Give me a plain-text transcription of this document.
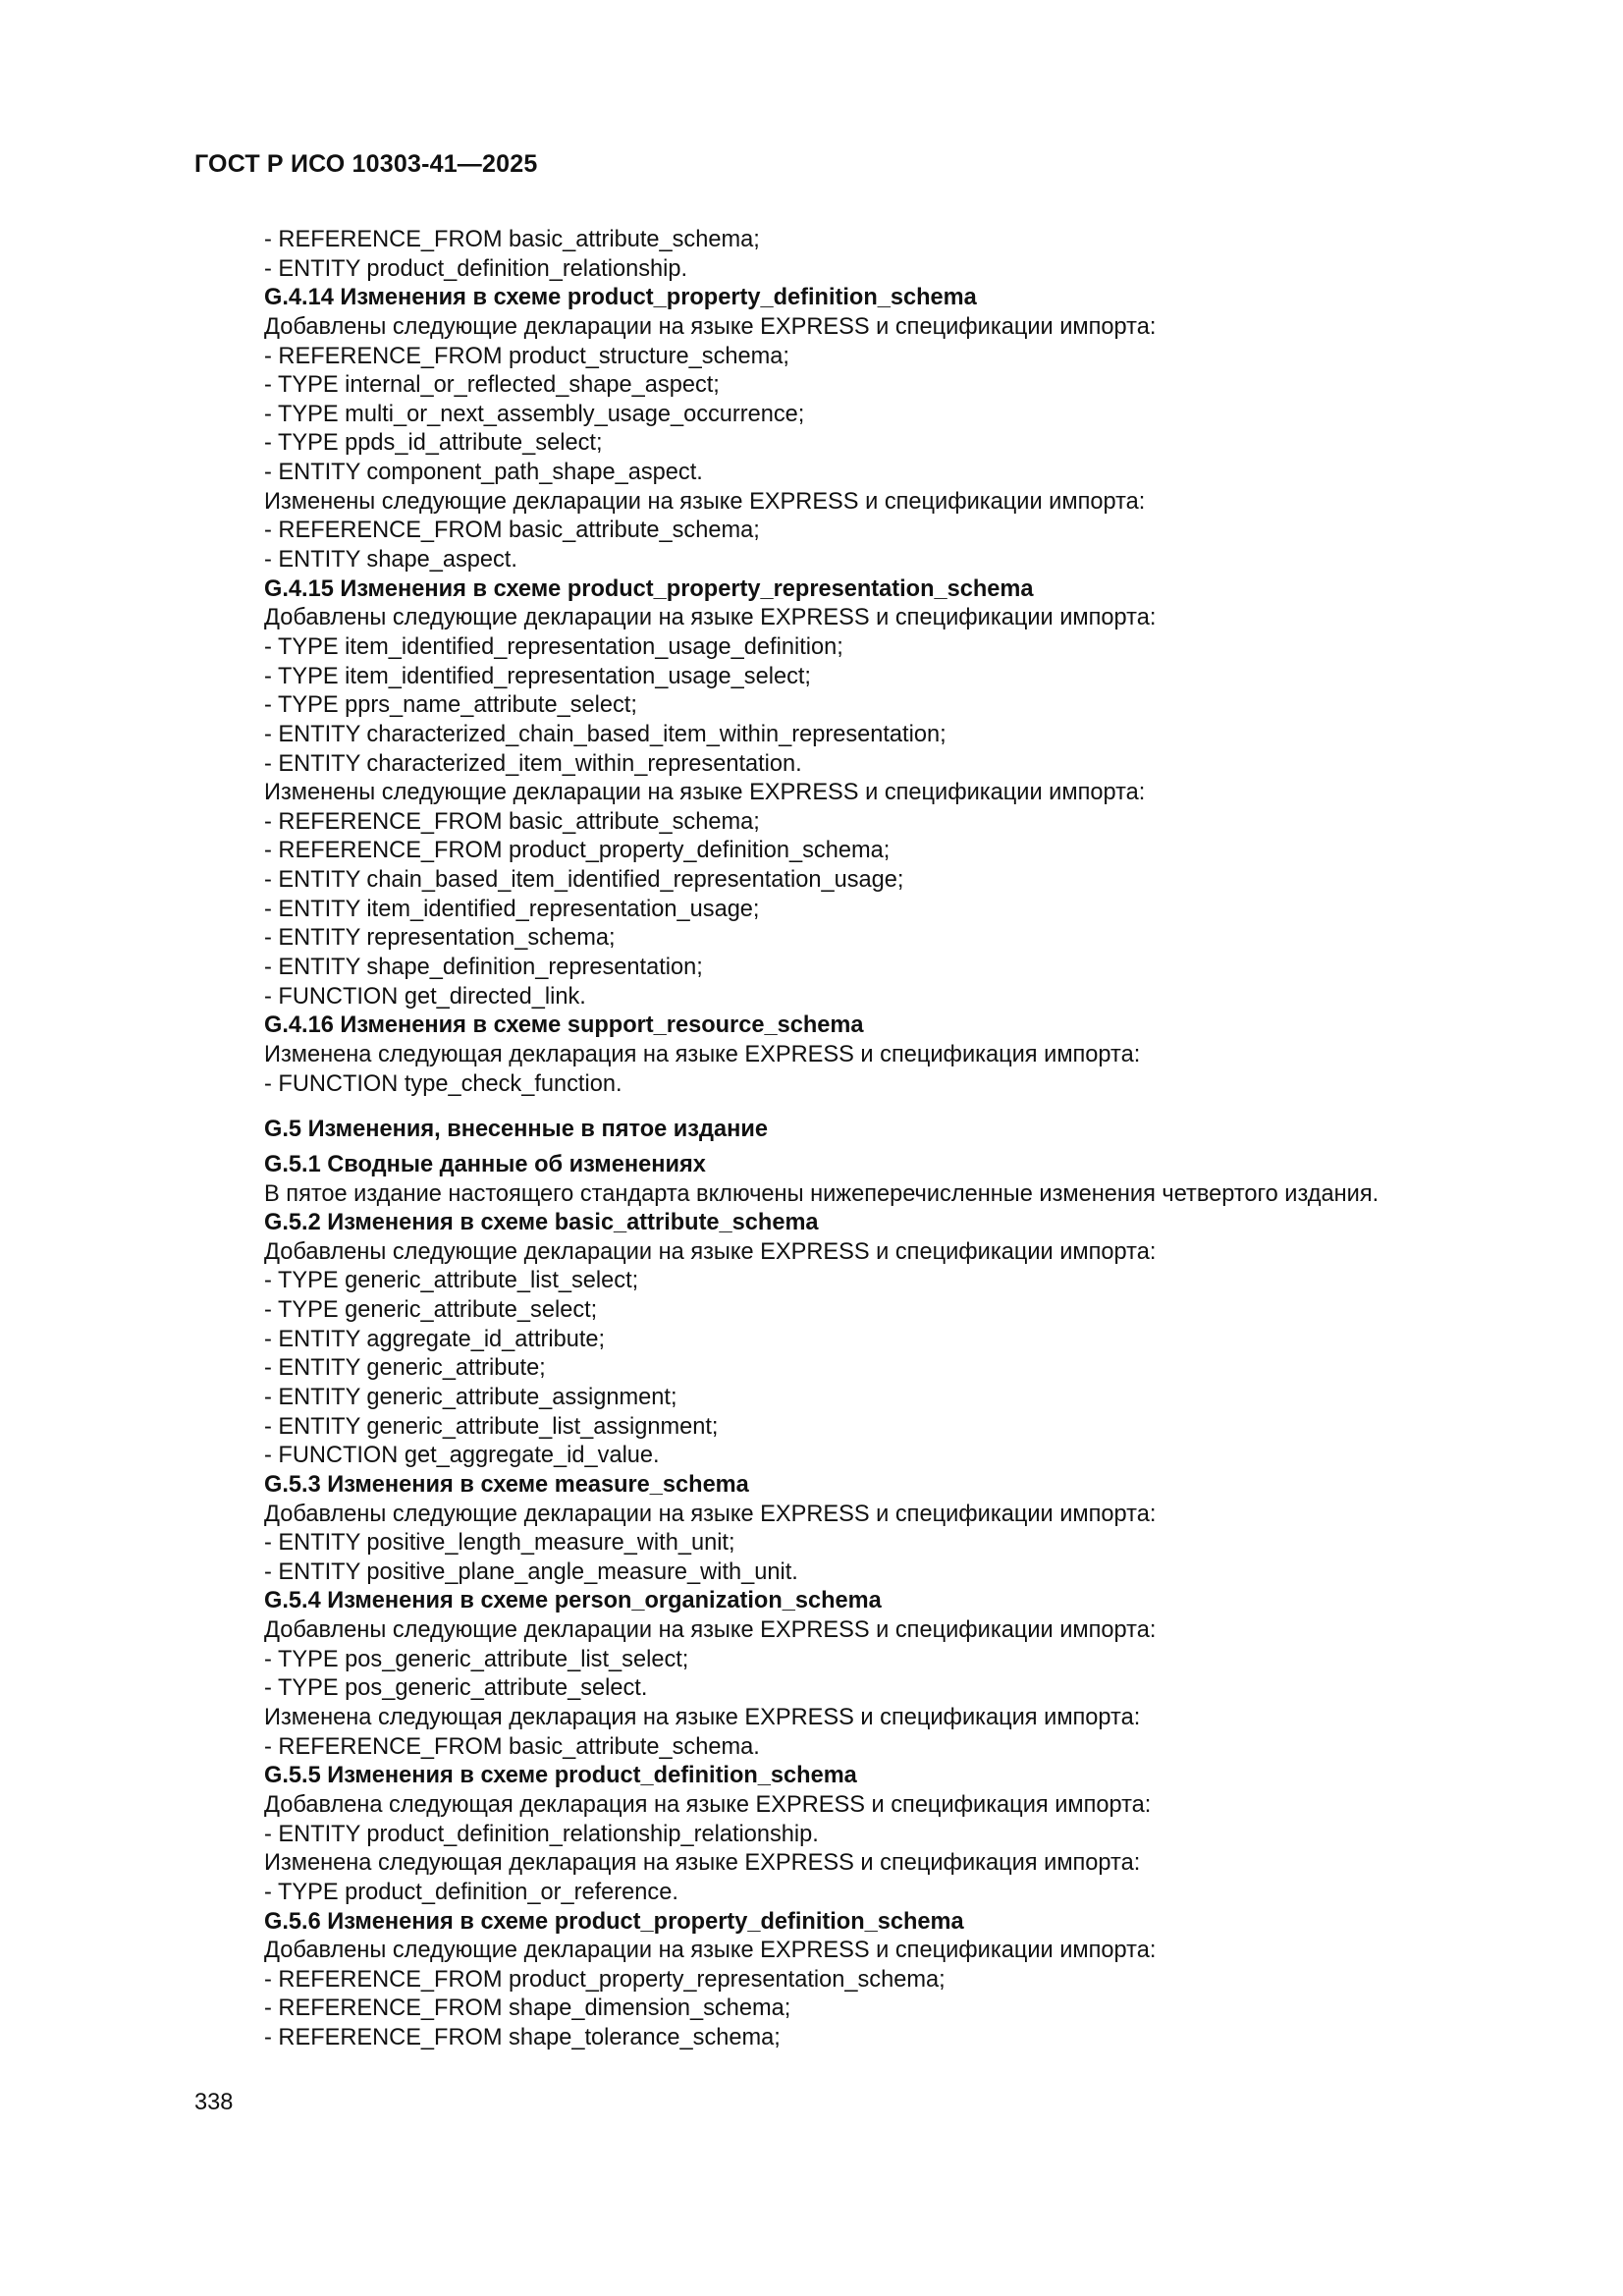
ГОСТ Р ИСО 10303-41—2025
- REFERENCE_FROM basic_attribute_schema;
- ENTITY product_definition_relationship.
G.4.14 Изменения в схеме product_property_definition_schema
Добавлены следующие декларации на языке EXPRESS и спецификации импорта:
- REFERENCE_FROM product_structure_schema;
- TYPE internal_or_reflected_shape_aspect;
- TYPE multi_or_next_assembly_usage_occurrence;
- TYPE ppds_id_attribute_select;
- ENTITY component_path_shape_aspect.
Изменены следующие декларации на языке EXPRESS и спецификации импорта:
- REFERENCE_FROM basic_attribute_schema;
- ENTITY shape_aspect.
G.4.15 Изменения в схеме product_property_representation_schema
Добавлены следующие декларации на языке EXPRESS и спецификации импорта:
- TYPE item_identified_representation_usage_definition;
- TYPE item_identified_representation_usage_select;
- TYPE pprs_name_attribute_select;
- ENTITY characterized_chain_based_item_within_representation;
- ENTITY characterized_item_within_representation.
Изменены следующие декларации на языке EXPRESS и спецификации импорта:
- REFERENCE_FROM basic_attribute_schema;
- REFERENCE_FROM product_property_definition_schema;
- ENTITY chain_based_item_identified_representation_usage;
- ENTITY item_identified_representation_usage;
- ENTITY representation_schema;
- ENTITY shape_definition_representation;
- FUNCTION get_directed_link.
G.4.16 Изменения в схеме support_resource_schema
Изменена следующая декларация на языке EXPRESS и спецификация импорта:
- FUNCTION type_check_function.
G.5 Изменения, внесенные в пятое издание
G.5.1 Сводные данные об изменениях
В пятое издание настоящего стандарта включены нижеперечисленные изменения четвертого издания.
G.5.2 Изменения в схеме basic_attribute_schema
Добавлены следующие декларации на языке EXPRESS и спецификации импорта:
- TYPE generic_attribute_list_select;
- TYPE generic_attribute_select;
- ENTITY aggregate_id_attribute;
- ENTITY generic_attribute;
- ENTITY generic_attribute_assignment;
- ENTITY generic_attribute_list_assignment;
- FUNCTION get_aggregate_id_value.
G.5.3 Изменения в схеме measure_schema
Добавлены следующие декларации на языке EXPRESS и спецификации импорта:
- ENTITY positive_length_measure_with_unit;
- ENTITY positive_plane_angle_measure_with_unit.
G.5.4 Изменения в схеме person_organization_schema
Добавлены следующие декларации на языке EXPRESS и спецификации импорта:
- TYPE pos_generic_attribute_list_select;
- TYPE pos_generic_attribute_select.
Изменена следующая декларация на языке EXPRESS и спецификация импорта:
- REFERENCE_FROM basic_attribute_schema.
G.5.5 Изменения в схеме product_definition_schema
Добавлена следующая декларация на языке EXPRESS и спецификация импорта:
- ENTITY product_definition_relationship_relationship.
Изменена следующая декларация на языке EXPRESS и спецификация импорта:
- TYPE product_definition_or_reference.
G.5.6 Изменения в схеме product_property_definition_schema
Добавлены следующие декларации на языке EXPRESS и спецификации импорта:
- REFERENCE_FROM product_property_representation_schema;
- REFERENCE_FROM shape_dimension_schema;
- REFERENCE_FROM shape_tolerance_schema;
338
